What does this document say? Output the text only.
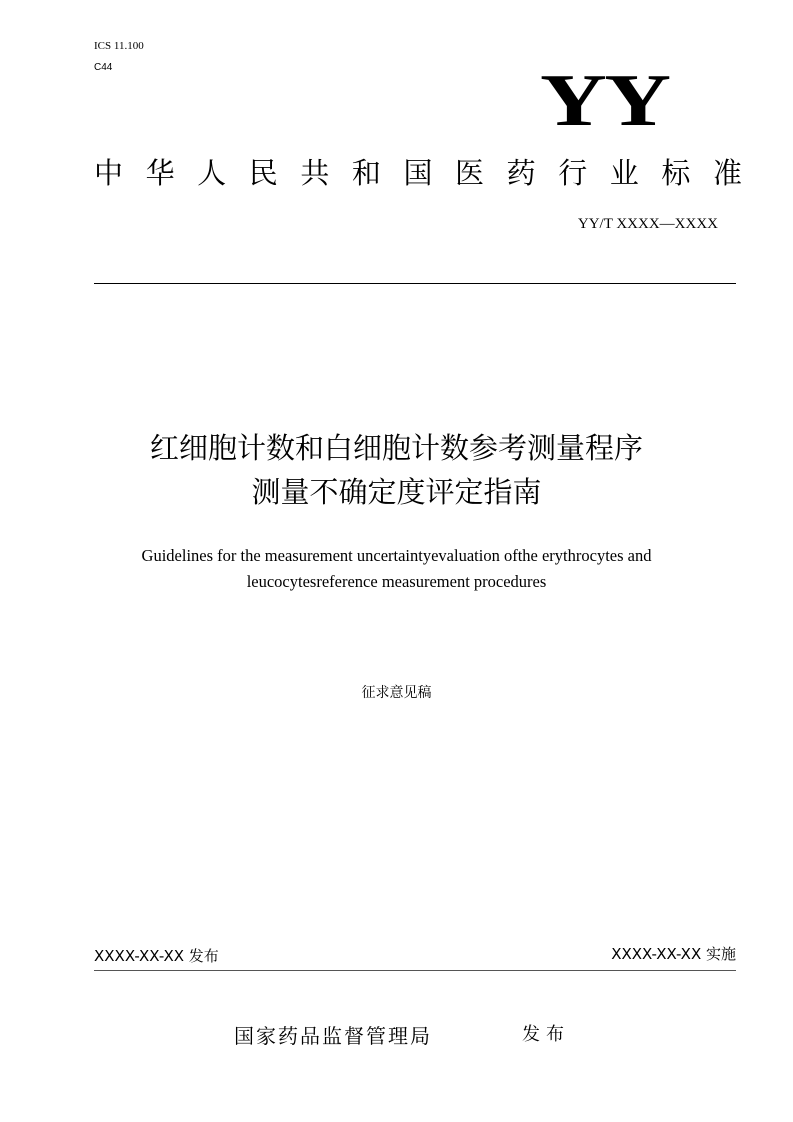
ICS 11.100
C44	YY
中 华 人 民 共 和 国 医 药 行 业 标 准
YY/T XXXX—XXXX
红细胞计数和白细胞计数参考测量程序
测量不确定度评定指南
Guidelines for the measurement uncertaintyevaluation ofthe erythrocytes and
leucocytesreference measurement procedures
征求意见稿
XXXX-XX-XX 发布	XXXX-XX-XX 实施
国家药品监督管理局	发布
